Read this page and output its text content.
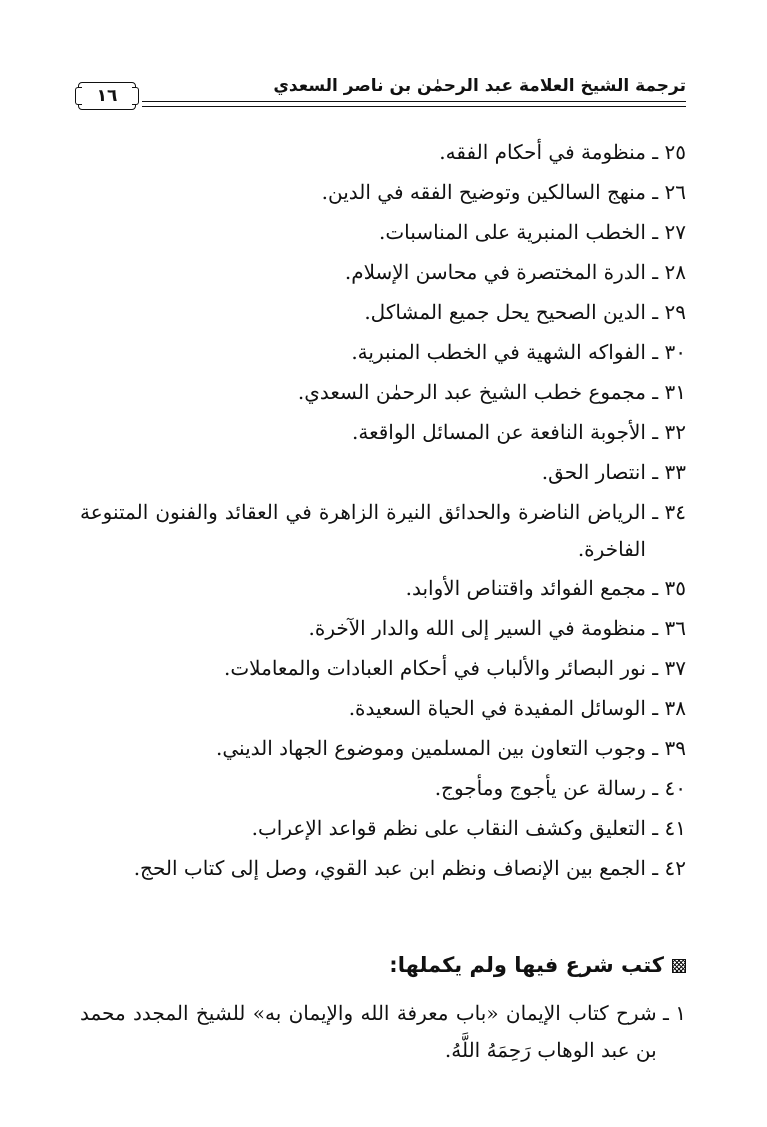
ترجمة الشيخ العلامة عبد الرحمٰن بن ناصر السعدي
١٦
٢٥ ـ
منظومة في أحكام الفقه.
٢٦ ـ
منهج السالكين وتوضيح الفقه في الدين.
٢٧ ـ
الخطب المنبرية على المناسبات.
٢٨ ـ
الدرة المختصرة في محاسن الإسلام.
٢٩ ـ
الدين الصحيح يحل جميع المشاكل.
٣٠ ـ
الفواكه الشهية في الخطب المنبرية.
٣١ ـ
مجموع خطب الشيخ عبد الرحمٰن السعدي.
٣٢ ـ
الأجوبة النافعة عن المسائل الواقعة.
٣٣ ـ
انتصار الحق.
٣٤ ـ
الرياض الناضرة والحدائق النيرة الزاهرة في العقائد والفنون المتنوعة الفاخرة.
٣٥ ـ
مجمع الفوائد واقتناص الأوابد.
٣٦ ـ
منظومة في السير إلى الله والدار الآخرة.
٣٧ ـ
نور البصائر والألباب في أحكام العبادات والمعاملات.
٣٨ ـ
الوسائل المفيدة في الحياة السعيدة.
٣٩ ـ
وجوب التعاون بين المسلمين وموضوع الجهاد الديني.
٤٠ ـ
رسالة عن يأجوج ومأجوج.
٤١ ـ
التعليق وكشف النقاب على نظم قواعد الإعراب.
٤٢ ـ
الجمع بين الإنصاف ونظم ابن عبد القوي، وصل إلى كتاب الحج.
كتب شرع فيها ولم يكملها:
١ ـ
شرح كتاب الإيمان «باب معرفة الله والإيمان به» للشيخ المجدد محمد بن عبد الوهاب رَحِمَهُ اللَّهُ.
